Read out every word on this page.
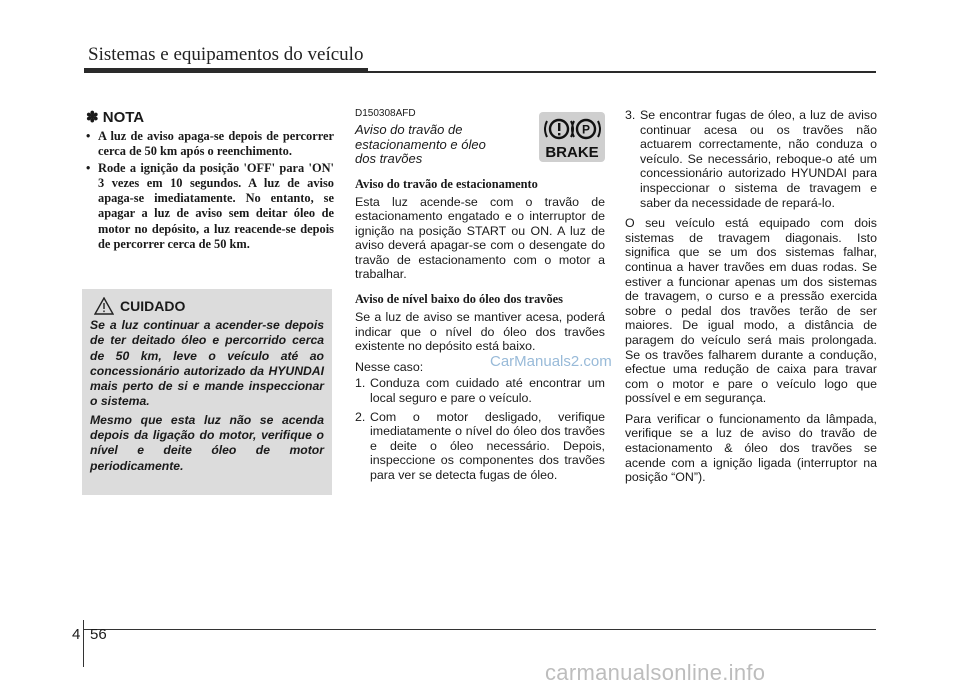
Sistemas e equipamentos do veículo
✽ NOTA
• A luz de aviso apaga-se depois de percorrer cerca de 50 km após o reenchimento.
• Rode a ignição da posição 'OFF' para 'ON' 3 vezes em 10 segundos. A luz de aviso apaga-se imediatamente. No entanto, se apagar a luz de aviso sem deitar óleo de motor no depósito, a luz reacende-se depois de percorrer cerca de 50 km.
CUIDADO

Se a luz continuar a acender-se depois de ter deitado óleo e percorrido cerca de 50 km, leve o veículo até ao concessionário autorizado da HYUNDAI mais perto de si e mande inspeccionar o sistema.

Mesmo que esta luz não se acenda depois da ligação do motor, verifique o nível e deite óleo de motor periodicamente.

D150308AFD
Aviso do travão de estacionamento e óleo dos travões
Aviso do travão de estacionamento

Esta luz acende-se com o travão de estacionamento engatado e o interruptor de ignição na posição START ou ON. A luz de aviso deverá apagar-se com o desengate do travão de estacionamento com o motor a trabalhar.

Aviso de nível baixo do óleo dos travões

Se a luz de aviso se mantiver acesa, poderá indicar que o nível do óleo dos travões existente no depósito está baixo.

Nesse caso:

1. Conduza com cuidado até encontrar um local seguro e pare o veículo.
2. Com o motor desligado, verifique imediatamente o nível do óleo dos travões e deite o óleo necessário. Depois, inspeccione os componentes dos travões para ver se detecta fugas de óleo.
P
BRAKE
3. Se encontrar fugas de óleo, a luz de aviso continuar acesa ou os travões não actuarem correctamente, não conduza o veículo. Se necessário, reboque-o até um concessionário autorizado HYUNDAI para inspeccionar o sistema de travagem e saber da necessidade de repará-lo.

O seu veículo está equipado com dois sistemas de travagem diagonais. Isto significa que se um dos sistemas falhar, continua a haver travões em duas rodas. Se estiver a funcionar apenas um dos sistemas de travagem, o curso e a pressão exercida sobre o pedal dos travões terão de ser maiores. De igual modo, a distância de paragem do veículo será mais prolongada. Se os travões falharem durante a condução, efectue uma redução de caixa para travar com o motor e pare o veículo logo que possível e em segurança.

Para verificar o funcionamento da lâmpada, verifique se a luz de aviso do travão de estacionamento & óleo dos travões se acende com a ignição ligada (interruptor na posição “ON”).

CarManuals2.com
4 56
carmanualsonline.info
